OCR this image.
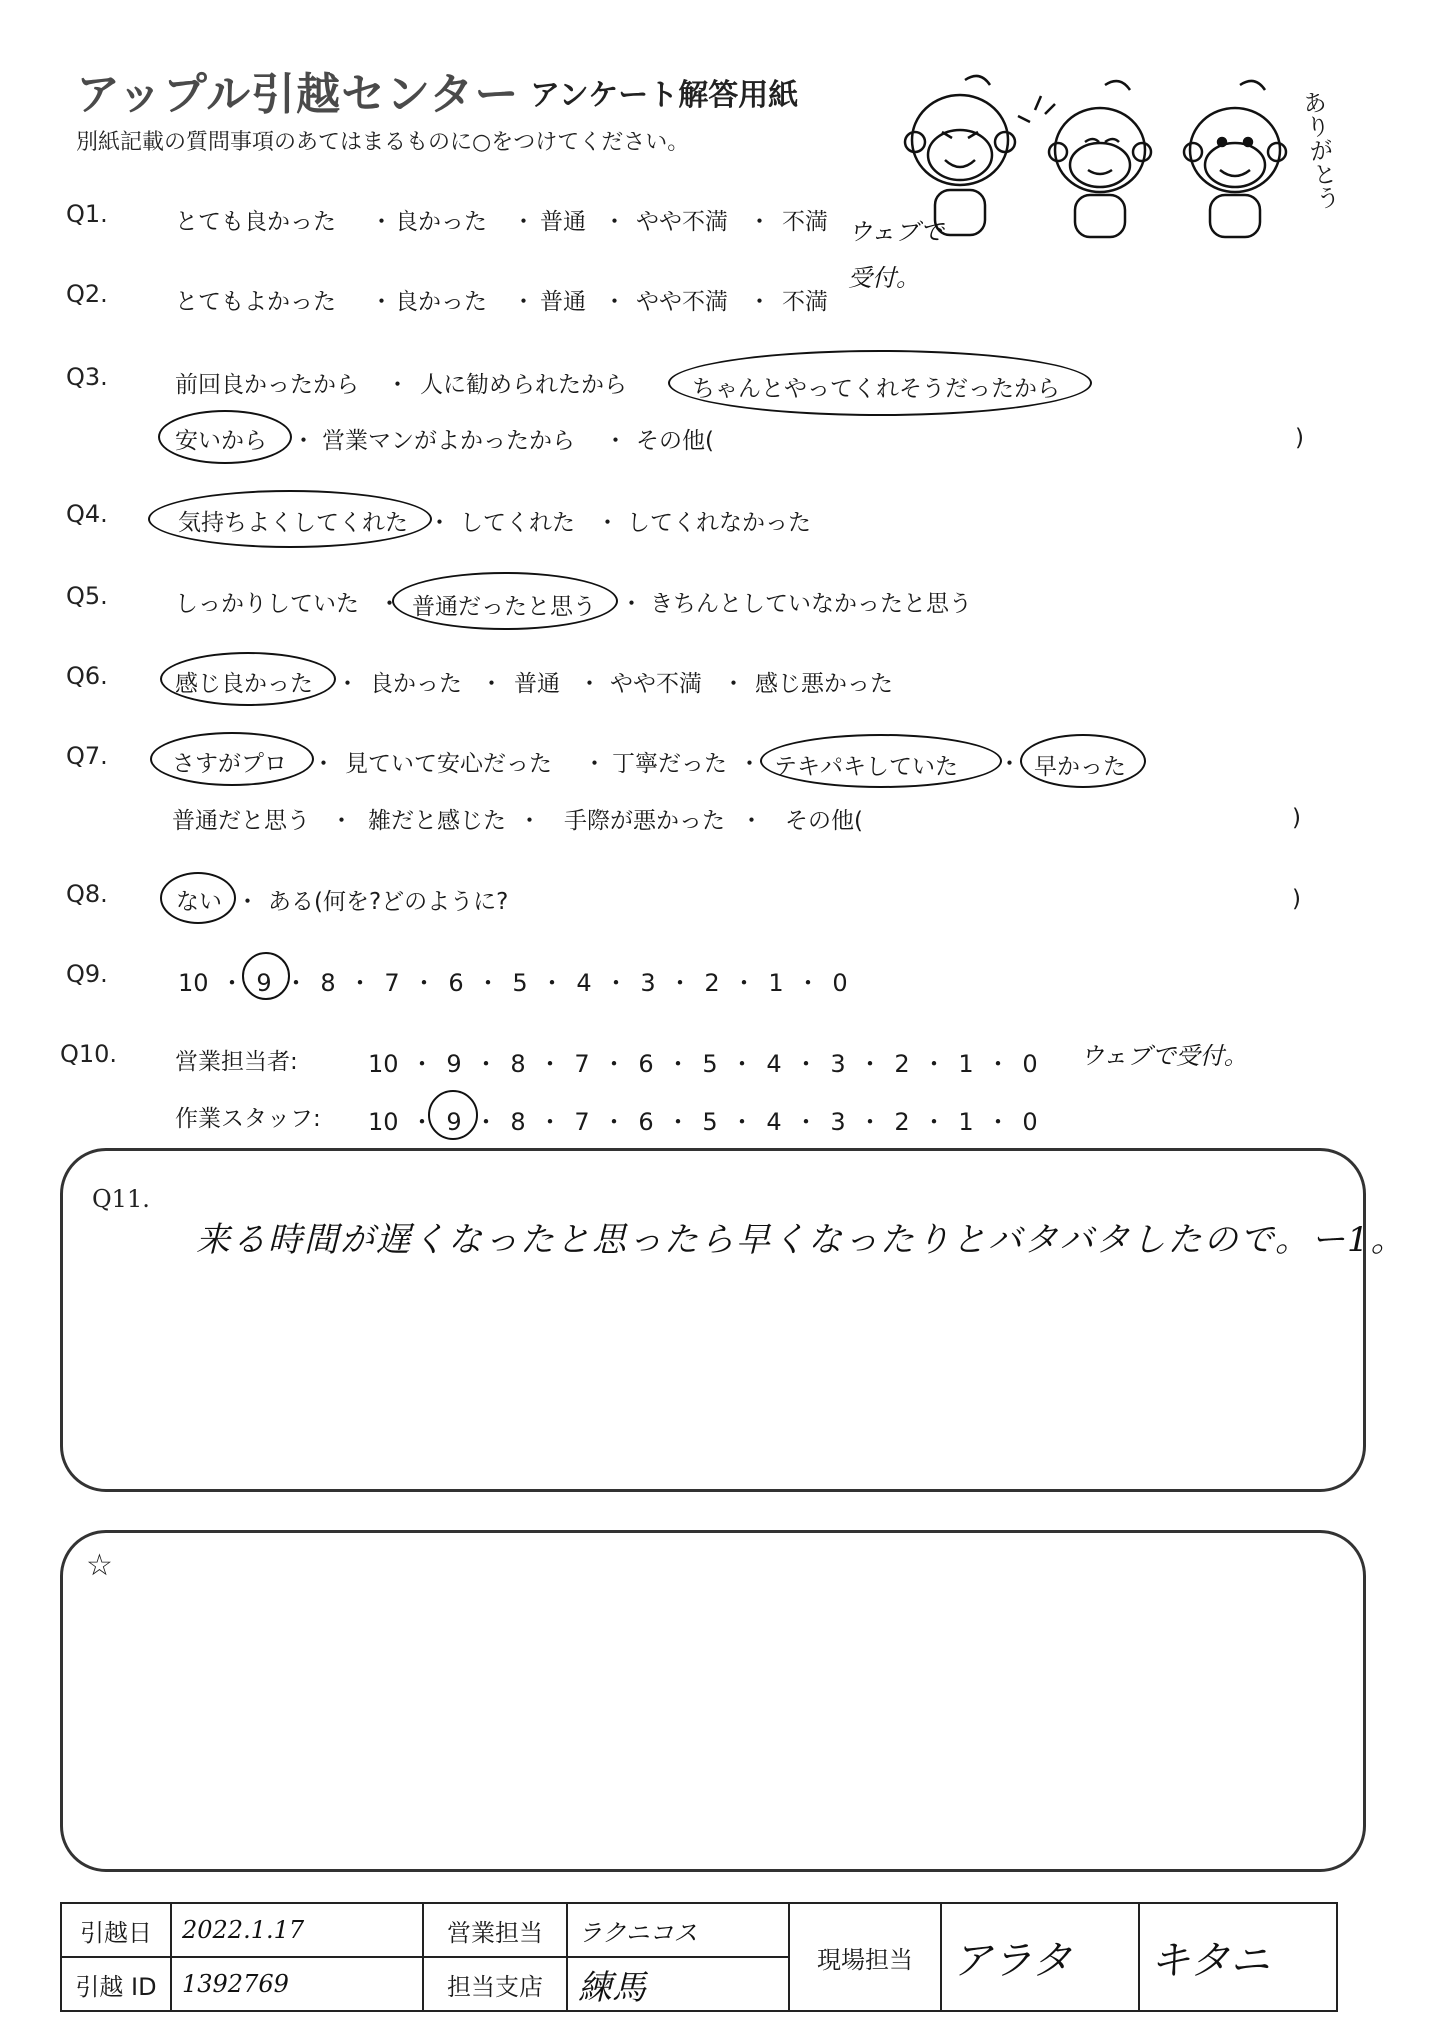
アップル引越センター アンケート解答用紙
別紙記載の質問事項のあてはまるものに○をつけてください。	ありがとう
Q1.	とても良かった ・ 良かった ・ 普通 ・ やや不満 ・ 不満 ウェブで
受付。
Q2.	とてもよかった ・ 良かった ・ 普通 ・ やや不満 ・ 不満
Q3.	前回良かったから ・ 人に勧められたから	ちゃんとやってくれそうだったから
安いから ・ 営業マンがよかったから ・ その他(	)
Q4.	気持ちよくしてくれた ・ してくれた ・ してくれなかった
Q5.	しっかりしていた ・ 普通だったと思う ・ きちんとしていなかったと思う
Q6.	感じ良かった ・ 良かった ・ 普通 ・ やや不満 ・ 感じ悪かった
Q7.	さすがプロ ・ 見ていて安心だった ・ 丁寧だった ・ テキパキしていた ・ 早かった
普通だと思う ・ 雑だと感じた ・ 手際が悪かった ・ その他(	)
Q8.	ない ・ ある(何を?どのように?	)
Q9.	10 ・ 9 ・ 8 ・ 7 ・ 6 ・ 5 ・ 4 ・ 3 ・ 2 ・ 1 ・ 0
Q10.	営業担当者:	10 ・ 9 ・ 8 ・ 7 ・ 6 ・ 5 ・ 4 ・ 3 ・ 2 ・ 1 ・ 0 ウェブで受付。
作業スタッフ: 10 ・ 9 ・ 8 ・ 7 ・ 6 ・ 5 ・ 4 ・ 3 ・ 2 ・ 1 ・ 0
Q11.
来る時間が遅くなったと思ったら早くなったりとバタバタしたので。ー1。
☆
引越日	2022.1.17	営業担当	ラクニコス	現場担当	アラタ	キタニ
引越 ID	1392769	担当支店	練馬			
